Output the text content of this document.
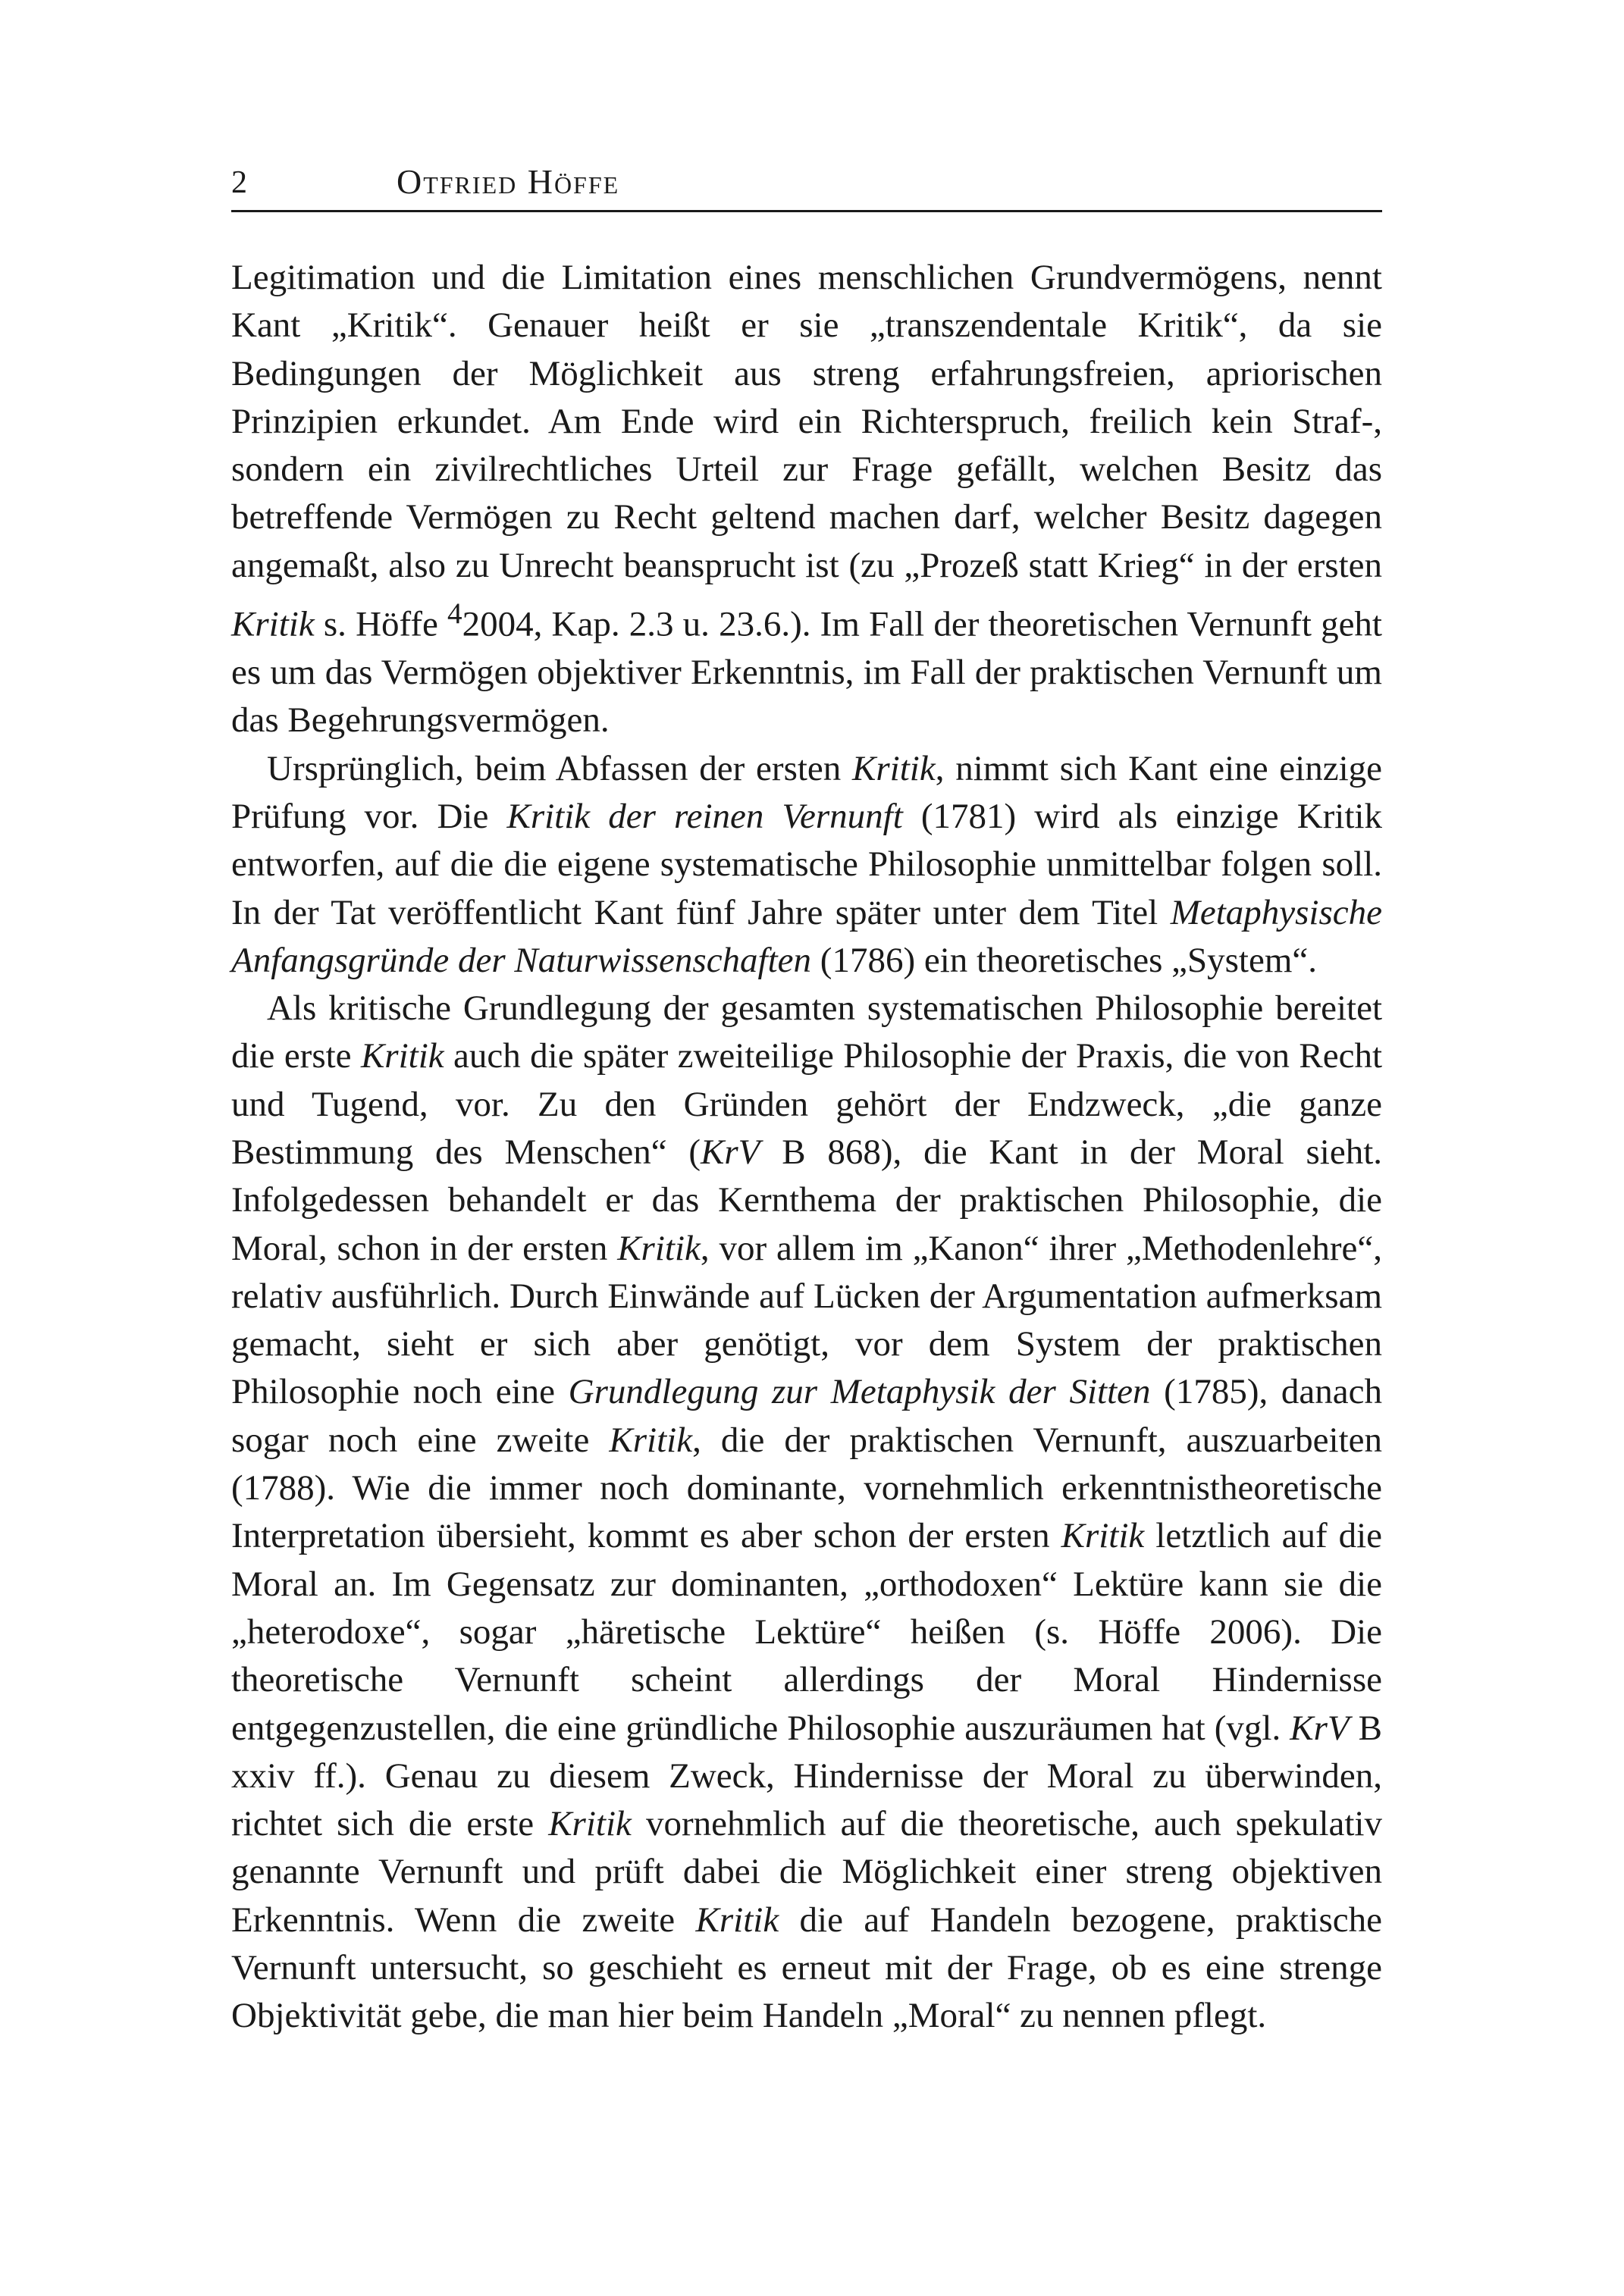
2	Otfried Höffe

Legitimation und die Limitation eines menschlichen Grundvermögens, nennt Kant „Kritik“. Genauer heißt er sie „transzendentale Kritik“, da sie Bedingungen der Möglichkeit aus streng erfahrungsfreien, apriorischen Prinzipien erkundet. Am Ende wird ein Richterspruch, freilich kein Straf-, sondern ein zivilrechtliches Urteil zur Frage gefällt, welchen Besitz das betreffende Vermögen zu Recht geltend machen darf, welcher Besitz dagegen angemaßt, also zu Unrecht beansprucht ist (zu „Prozeß statt Krieg“ in der ersten Kritik s. Höffe $^4$2004, Kap. 2.3 u. 23.6.). Im Fall der theoretischen Vernunft geht es um das Vermögen objektiver Erkenntnis, im Fall der praktischen Vernunft um das Begehrungsvermögen.

Ursprünglich, beim Abfassen der ersten Kritik, nimmt sich Kant eine einzige Prüfung vor. Die Kritik der reinen Vernunft (1781) wird als einzige Kritik entworfen, auf die die eigene systematische Philosophie unmittelbar folgen soll. In der Tat veröffentlicht Kant fünf Jahre später unter dem Titel Metaphysische Anfangsgründe der Naturwissenschaften (1786) ein theoretisches „System“.

Als kritische Grundlegung der gesamten systematischen Philosophie bereitet die erste Kritik auch die später zweiteilige Philosophie der Praxis, die von Recht und Tugend, vor. Zu den Gründen gehört der Endzweck, „die ganze Bestimmung des Menschen“ (KrV B 868), die Kant in der Moral sieht. Infolgedessen behandelt er das Kernthema der praktischen Philosophie, die Moral, schon in der ersten Kritik, vor allem im „Kanon“ ihrer „Methodenlehre“, relativ ausführlich. Durch Einwände auf Lücken der Argumentation aufmerksam gemacht, sieht er sich aber genötigt, vor dem System der praktischen Philosophie noch eine Grundlegung zur Metaphysik der Sitten (1785), danach sogar noch eine zweite Kritik, die der praktischen Vernunft, auszuarbeiten (1788). Wie die immer noch dominante, vornehmlich erkenntnistheoretische Interpretation übersieht, kommt es aber schon der ersten Kritik letztlich auf die Moral an. Im Gegensatz zur dominanten, „orthodoxen“ Lektüre kann sie die „heterodoxe“, sogar „häretische Lektüre“ heißen (s. Höffe 2006). Die theoretische Vernunft scheint allerdings der Moral Hindernisse entgegenzustellen, die eine gründliche Philosophie auszuräumen hat (vgl. KrV B xxiv ff.). Genau zu diesem Zweck, Hindernisse der Moral zu überwinden, richtet sich die erste Kritik vornehmlich auf die theoretische, auch spekulativ genannte Vernunft und prüft dabei die Möglichkeit einer streng objektiven Erkenntnis. Wenn die zweite Kritik die auf Handeln bezogene, praktische Vernunft untersucht, so geschieht es erneut mit der Frage, ob es eine strenge Objektivität gebe, die man hier beim Handeln „Moral“ zu nennen pflegt.
